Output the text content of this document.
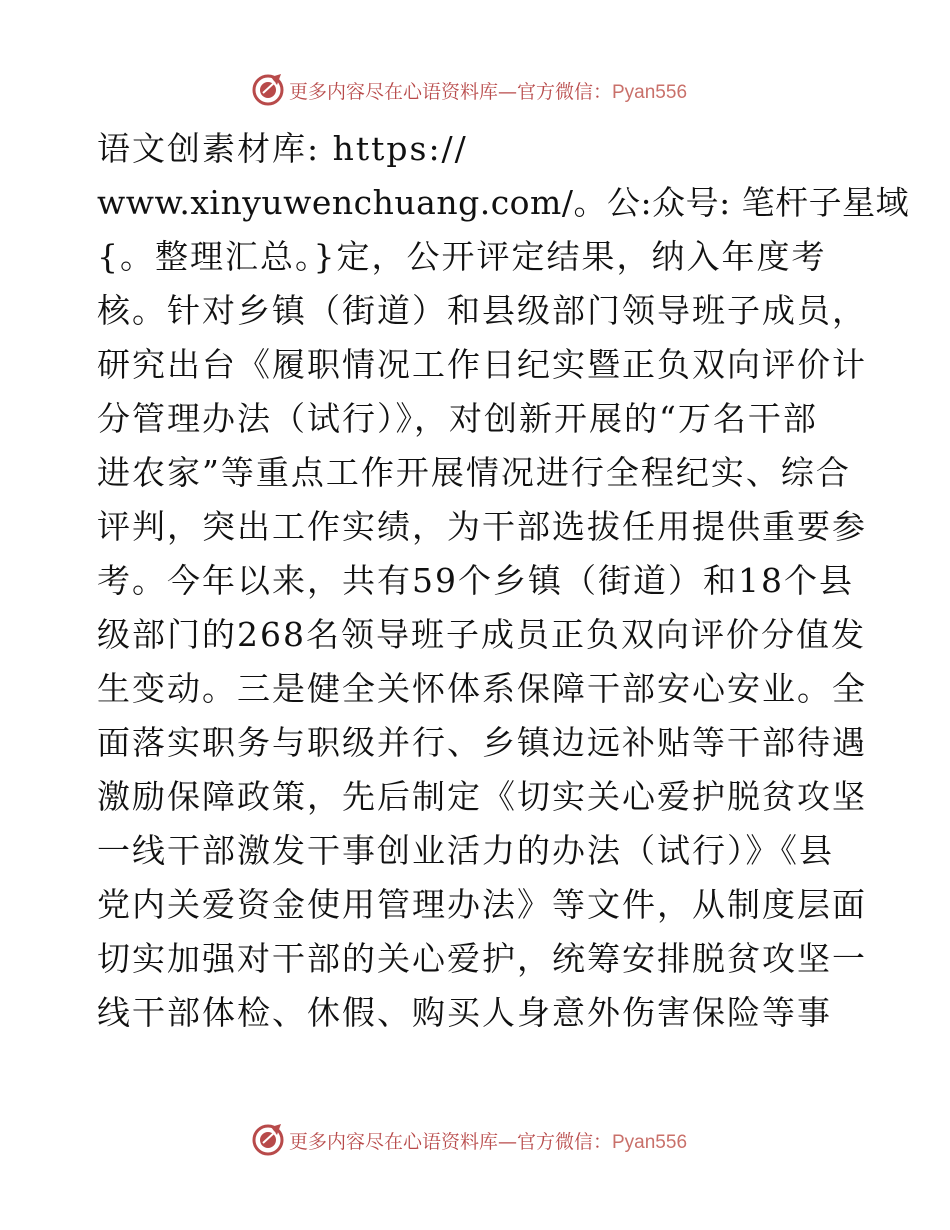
更多内容尽在心语资料库—官方微信：Pyan556
语文创素材库: https://
www.xinyuwenchuang.com/。公:众号: 笔杆子星域
{。整理汇总。}定，公开评定结果，纳入年度考
核。针对乡镇（街道）和县级部门领导班子成员，
研究出台《履职情况工作日纪实暨正负双向评价计
分管理办法（试行）》，对创新开展的“万名干部
进农家”等重点工作开展情况进行全程纪实、综合
评判，突出工作实绩，为干部选拔任用提供重要参
考。今年以来，共有59个乡镇（街道）和18个县
级部门的268名领导班子成员正负双向评价分值发
生变动。三是健全关怀体系保障干部安心安业。全
面落实职务与职级并行、乡镇边远补贴等干部待遇
激励保障政策，先后制定《切实关心爱护脱贫攻坚
一线干部激发干事创业活力的办法（试行）》《县
党内关爱资金使用管理办法》等文件，从制度层面
切实加强对干部的关心爱护，统筹安排脱贫攻坚一
线干部体检、休假、购买人身意外伤害保险等事
更多内容尽在心语资料库—官方微信：Pyan556
